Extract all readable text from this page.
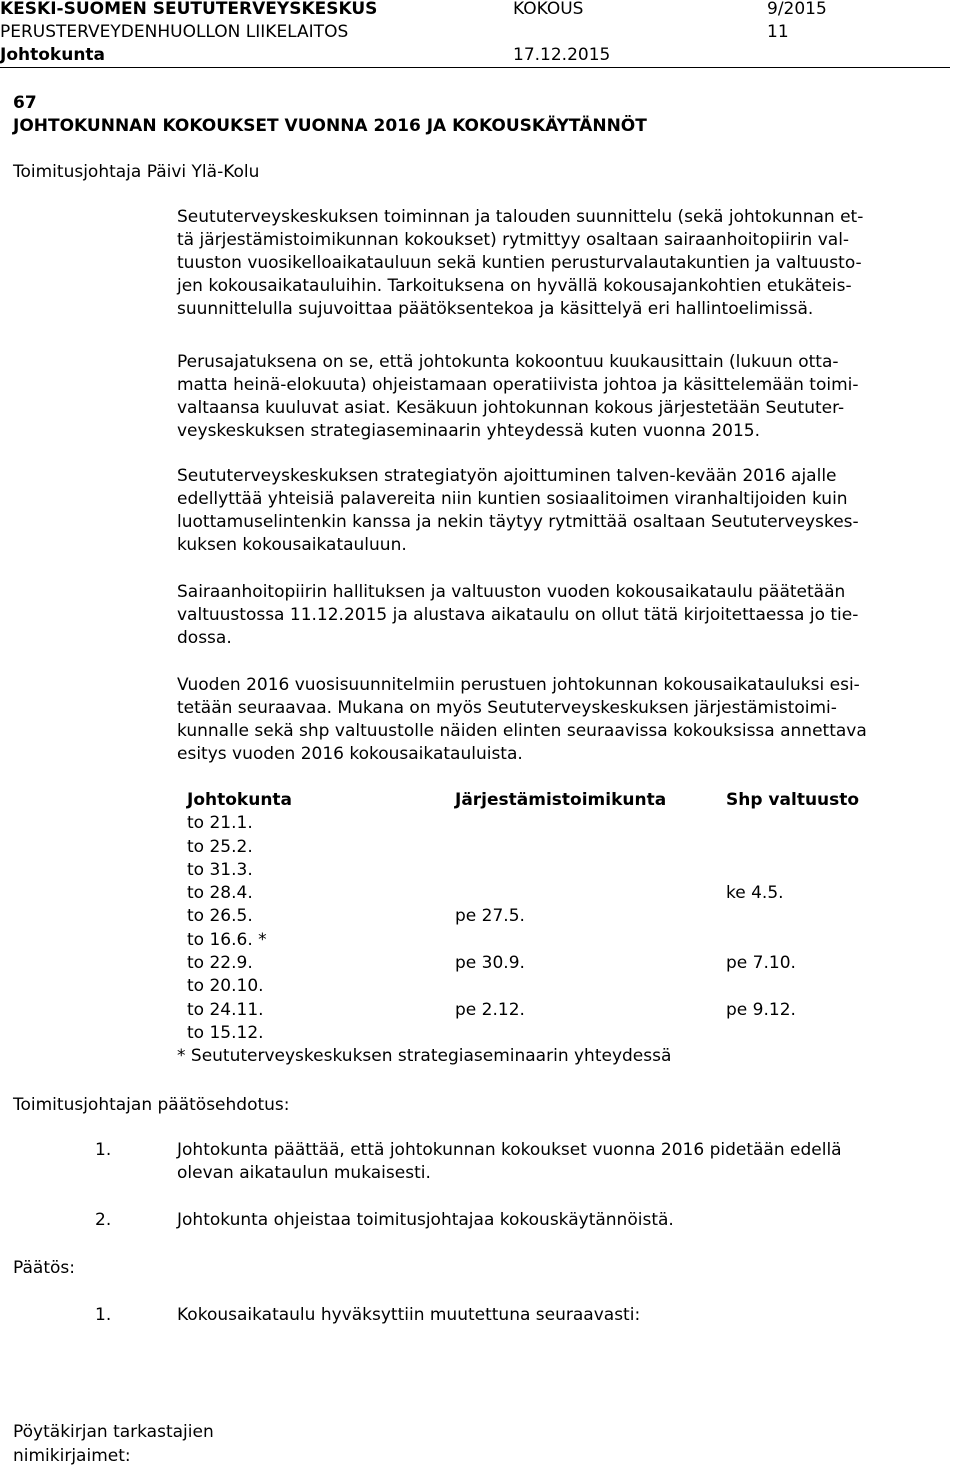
KESKI-SUOMEN SEUTUTERVEYSKESKUS	KOKOUS	9/2015
PERUSTERVEYDENHUOLLON LIIKELAITOS	11
Johtokunta	17.12.2015
67
JOHTOKUNNAN KOKOUKSET VUONNA 2016 JA KOKOUSKÄYTÄNNÖT
Toimitusjohtaja Päivi Ylä-Kolu
Seututerveyskeskuksen toiminnan ja talouden suunnittelu (sekä johtokunnan et-
tä järjestämistoimikunnan kokoukset) rytmittyy osaltaan sairaanhoitopiirin val-
tuuston vuosikelloaikatauluun sekä kuntien perusturvalautakuntien ja valtuusto-
jen kokousaikatauluihin. Tarkoituksena on hyvällä kokousajankohtien etukäteis-
suunnittelulla sujuvoittaa päätöksentekoa ja käsittelyä eri hallintoelimissä.
Perusajatuksena on se, että johtokunta kokoontuu kuukausittain (lukuun otta-
matta heinä-elokuuta) ohjeistamaan operatiivista johtoa ja käsittelemään toimi-
valtaansa kuuluvat asiat. Kesäkuun johtokunnan kokous järjestetään Seututer-
veyskeskuksen strategiaseminaarin yhteydessä kuten vuonna 2015.
Seututerveyskeskuksen strategiatyön ajoittuminen talven-kevään 2016 ajalle
edellyttää yhteisiä palavereita niin kuntien sosiaalitoimen viranhaltijoiden kuin
luottamuselintenkin kanssa ja nekin täytyy rytmittää osaltaan Seututerveyskes-
kuksen kokousaikatauluun.
Sairaanhoitopiirin hallituksen ja valtuuston vuoden kokousaikataulu päätetään
valtuustossa 11.12.2015 ja alustava aikataulu on ollut tätä kirjoitettaessa jo tie-
dossa.
Vuoden 2016 vuosisuunnitelmiin perustuen johtokunnan kokousaikatauluksi esi-
tetään seuraavaa. Mukana on myös Seututerveyskeskuksen järjestämistoimi-
kunnalle sekä shp valtuustolle näiden elinten seuraavissa kokouksissa annettava
esitys vuoden 2016 kokousaikatauluista.
Johtokunta	Järjestämistoimikunta	Shp valtuusto
to 21.1.		
to 25.2.		
to 31.3.		
to 28.4.		ke 4.5.
to 26.5.	pe 27.5.	
to 16.6. *		
to 22.9.	pe 30.9.	pe 7.10.
to 20.10.		
to 24.11.	pe 2.12.	pe 9.12.
to 15.12.		
* Seututerveyskeskuksen strategiaseminaarin yhteydessä
Toimitusjohtajan päätösehdotus:
1.	Johtokunta päättää, että johtokunnan kokoukset vuonna 2016 pidetään edellä
olevan aikataulun mukaisesti.
2.	Johtokunta ohjeistaa toimitusjohtajaa kokouskäytännöistä.
Päätös:
1.	Kokousaikataulu hyväksyttiin muutettuna seuraavasti:
Pöytäkirjan tarkastajien
nimikirjaimet:
